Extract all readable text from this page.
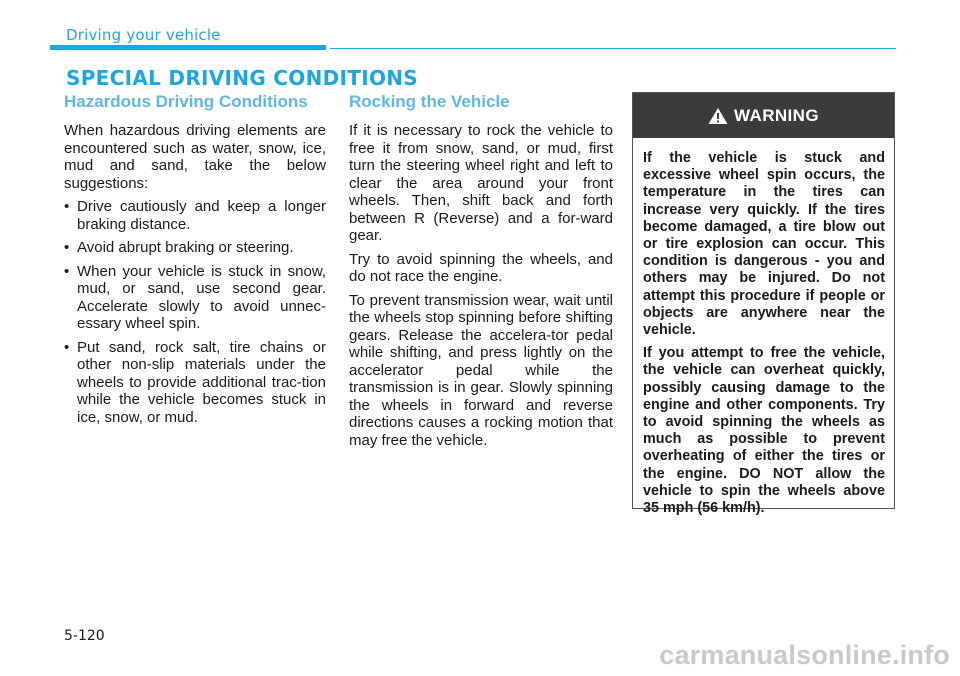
Driving your vehicle
SPECIAL DRIVING CONDITIONS
Hazardous Driving Conditions

When hazardous driving elements are encountered such as water, snow, ice, mud and sand, take the below suggestions:

• Drive cautiously and keep a longer braking distance.
• Avoid abrupt braking or steering.
• When your vehicle is stuck in snow, mud, or sand, use second gear. Accelerate slowly to avoid unnec-essary wheel spin.
• Put sand, rock salt, tire chains or other non-slip materials under the wheels to provide additional trac-tion while the vehicle becomes stuck in ice, snow, or mud.
Rocking the Vehicle

If it is necessary to rock the vehicle to free it from snow, sand, or mud, first turn the steering wheel right and left to clear the area around your front wheels. Then, shift back and forth between R (Reverse) and a for-ward gear.

Try to avoid spinning the wheels, and do not race the engine.

To prevent transmission wear, wait until the wheels stop spinning before shifting gears. Release the accelera-tor pedal while shifting, and press lightly on the accelerator pedal while the transmission is in gear. Slowly spinning the wheels in forward and reverse directions causes a rocking motion that may free the vehicle.

WARNING

If the vehicle is stuck and excessive wheel spin occurs, the temperature in the tires can increase very quickly. If the tires become damaged, a tire blow out or tire explosion can occur. This condition is dangerous - you and others may be injured. Do not attempt this procedure if people or objects are anywhere near the vehicle.

If you attempt to free the vehicle, the vehicle can overheat quickly, possibly causing damage to the engine and other components. Try to avoid spinning the wheels as much as possible to prevent overheating of either the tires or the engine. DO NOT allow the vehicle to spin the wheels above 35 mph (56 km/h).

5-120
carmanualsonline.info
